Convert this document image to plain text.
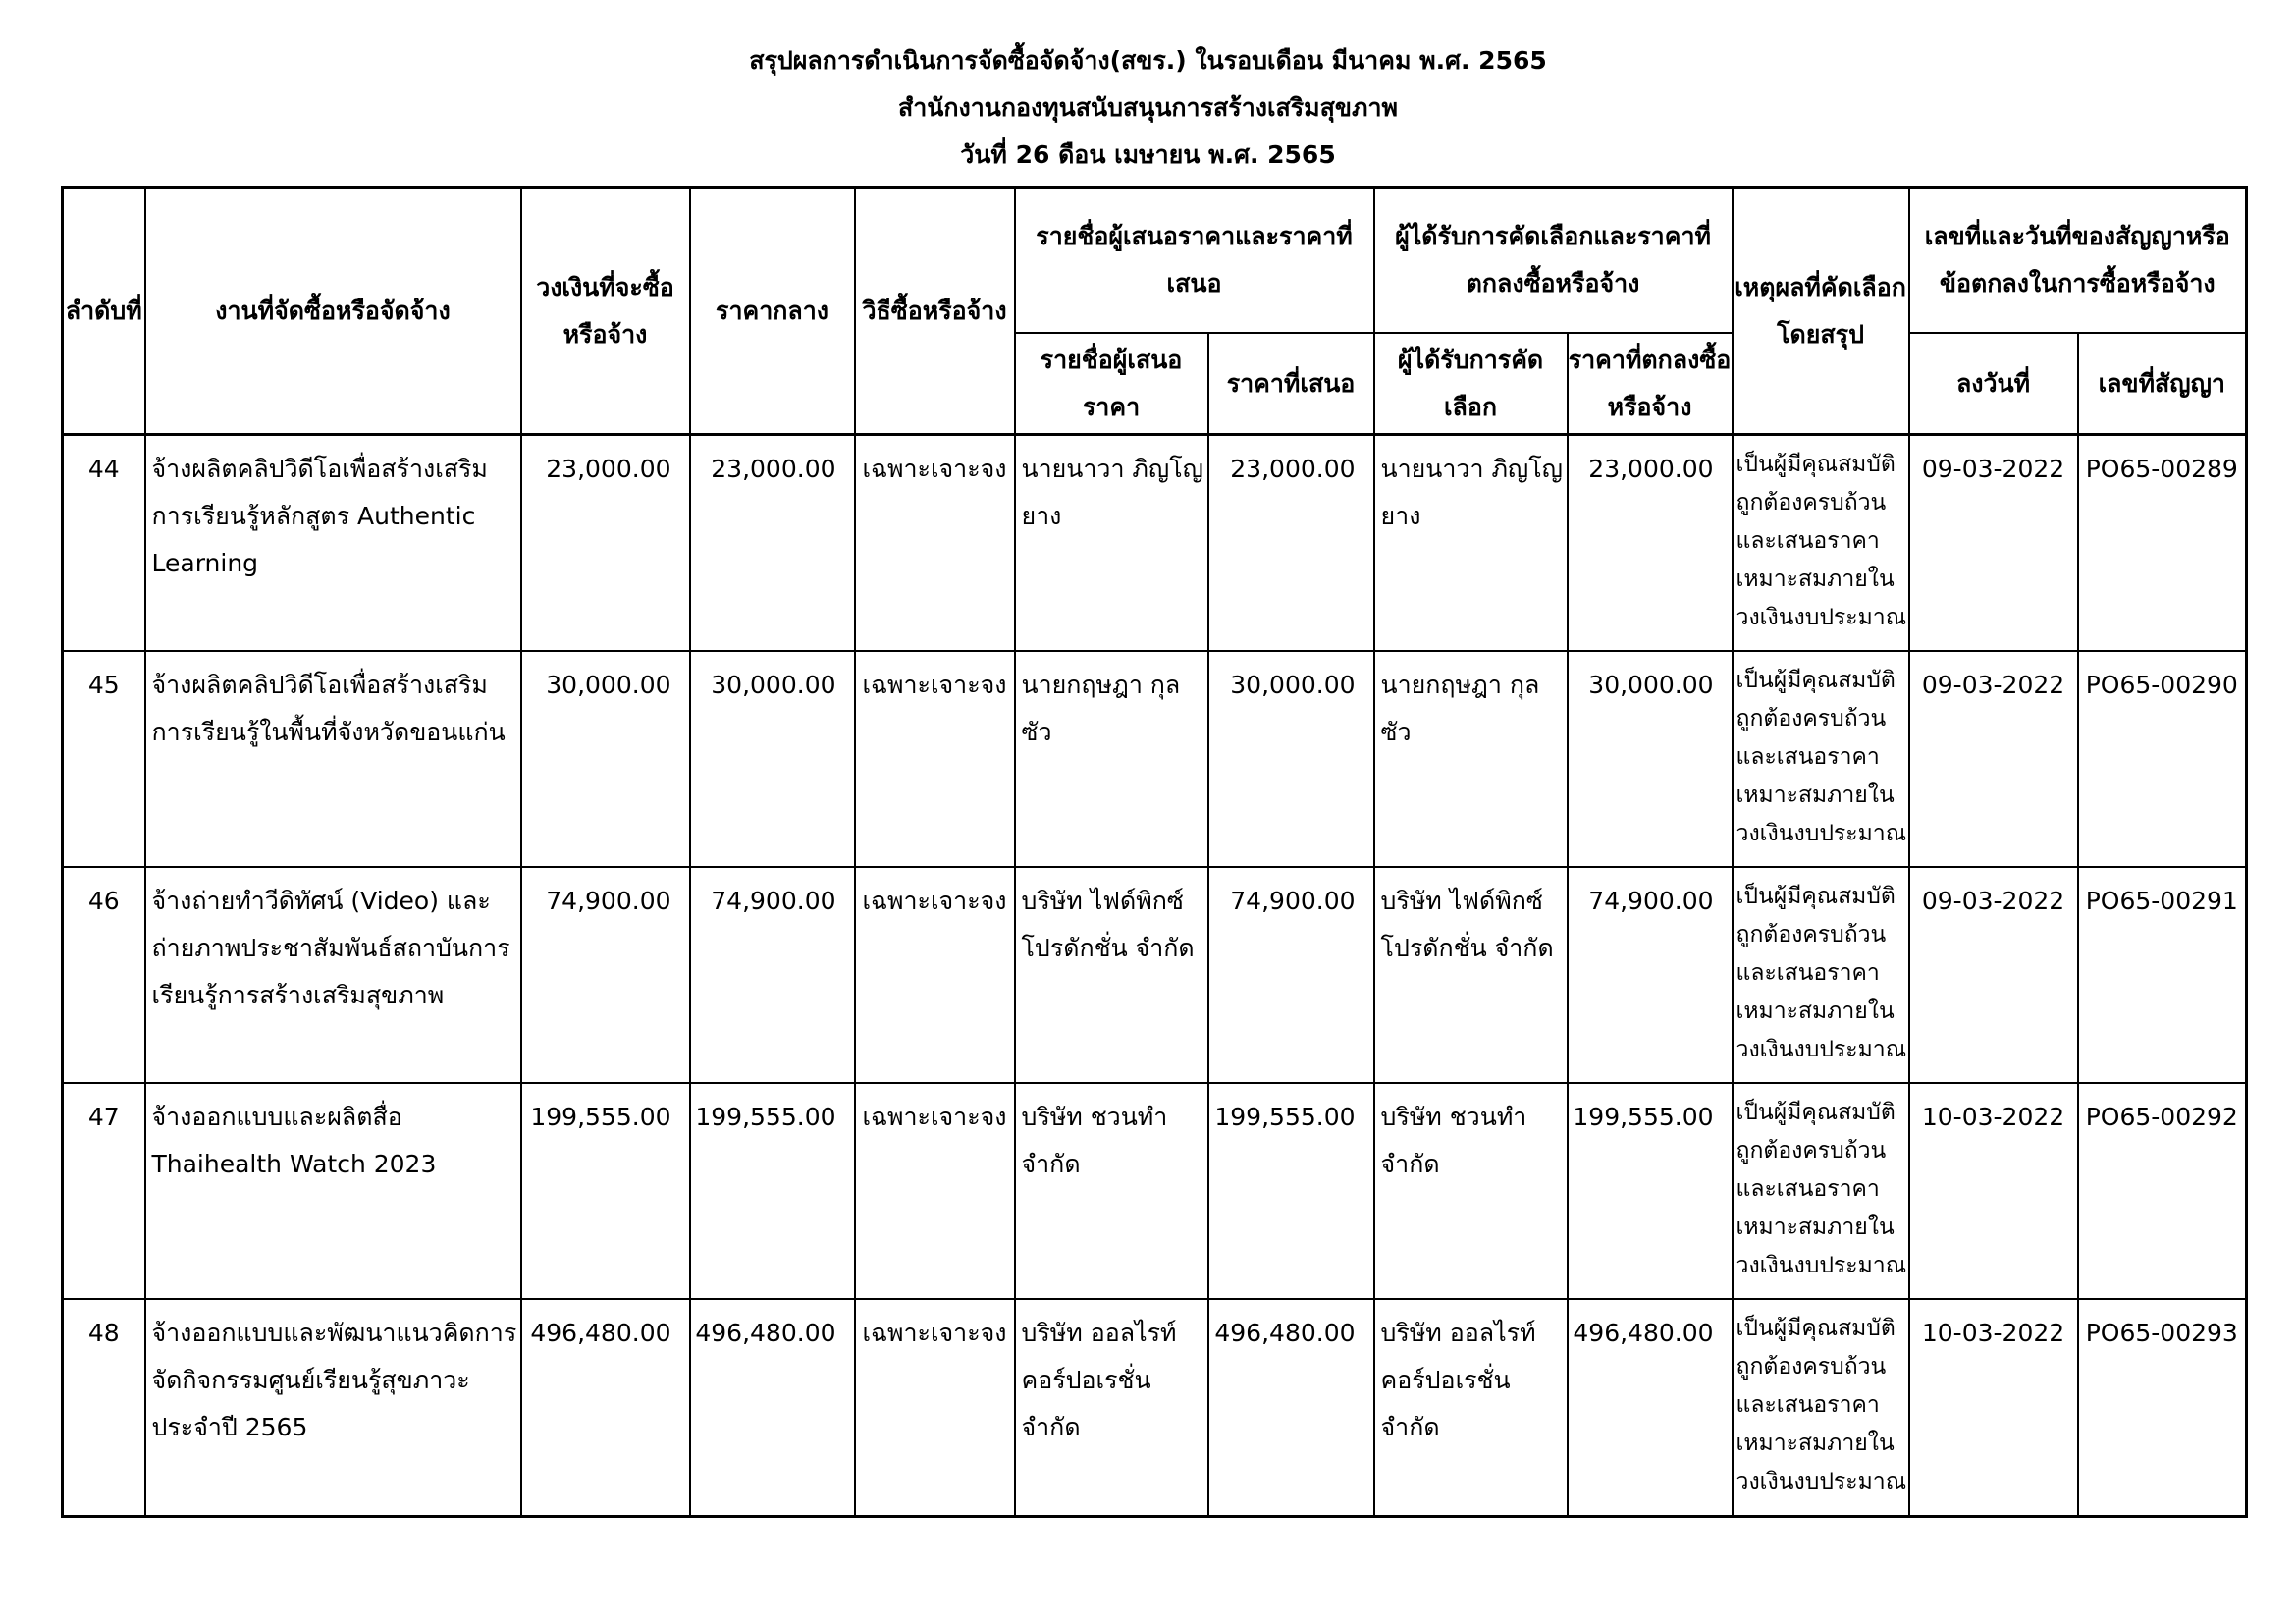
สรุปผลการดำเนินการจัดซื้อจัดจ้าง(สขร.) ในรอบเดือน มีนาคม พ.ศ. 2565
สำนักงานกองทุนสนับสนุนการสร้างเสริมสุขภาพ
วันที่ 26 ดือน เมษายน พ.ศ. 2565
ลำดับที่	งานที่จัดซื้อหรือจัดจ้าง	วงเงินที่จะซื้อหรือจ้าง	ราคากลาง	วิธีซื้อหรือจ้าง	รายชื่อผู้เสนอราคาและราคาที่เสนอ		ผู้ได้รับการคัดเลือกและราคาที่ตกลงซื้อหรือจ้าง		เหตุผลที่คัดเลือกโดยสรุป	เลขที่และวันที่ของสัญญาหรือข้อตกลงในการซื้อหรือจ้าง	
					รายชื่อผู้เสนอราคา	ราคาที่เสนอ	ผู้ได้รับการคัดเลือก	ราคาที่ตกลงซื้อหรือจ้าง		ลงวันที่	เลขที่สัญญา
44	จ้างผลิตคลิปวิดีโอเพื่อสร้างเสริมการเรียนรู้หลักสูตร Authentic Learning	23,000.00	23,000.00	เฉพาะเจาะจง	นายนาวา ภิญโญยาง	23,000.00	นายนาวา ภิญโญยาง	23,000.00	เป็นผู้มีคุณสมบัติถูกต้องครบถ้วนและเสนอราคาเหมาะสมภายในวงเงินงบประมาณ	09-03-2022	PO65-00289
45	จ้างผลิตคลิปวิดีโอเพื่อสร้างเสริมการเรียนรู้ในพื้นที่จังหวัดขอนแก่น	30,000.00	30,000.00	เฉพาะเจาะจง	นายกฤษฎา กุลซัว	30,000.00	นายกฤษฎา กุลซัว	30,000.00	เป็นผู้มีคุณสมบัติถูกต้องครบถ้วนและเสนอราคาเหมาะสมภายในวงเงินงบประมาณ	09-03-2022	PO65-00290
46	จ้างถ่ายทำวีดิทัศน์ (Video) และถ่ายภาพประชาสัมพันธ์สถาบันการเรียนรู้การสร้างเสริมสุขภาพ	74,900.00	74,900.00	เฉพาะเจาะจง	บริษัท ไฟด์พิกซ์ โปรดักชั่น จำกัด	74,900.00	บริษัท ไฟด์พิกซ์ โปรดักชั่น จำกัด	74,900.00	เป็นผู้มีคุณสมบัติถูกต้องครบถ้วนและเสนอราคาเหมาะสมภายในวงเงินงบประมาณ	09-03-2022	PO65-00291
47	จ้างออกแบบและผลิตสื่อ Thaihealth Watch 2023	199,555.00	199,555.00	เฉพาะเจาะจง	บริษัท ชวนทำ จำกัด	199,555.00	บริษัท ชวนทำ จำกัด	199,555.00	เป็นผู้มีคุณสมบัติถูกต้องครบถ้วนและเสนอราคาเหมาะสมภายในวงเงินงบประมาณ	10-03-2022	PO65-00292
48	จ้างออกแบบและพัฒนาแนวคิดการจัดกิจกรรมศูนย์เรียนรู้สุขภาวะประจำปี 2565	496,480.00	496,480.00	เฉพาะเจาะจง	บริษัท ออลไรท์ คอร์ปอเรชั่น จำกัด	496,480.00	บริษัท ออลไรท์ คอร์ปอเรชั่น จำกัด	496,480.00	เป็นผู้มีคุณสมบัติถูกต้องครบถ้วนและเสนอราคาเหมาะสมภายในวงเงินงบประมาณ	10-03-2022	PO65-00293
